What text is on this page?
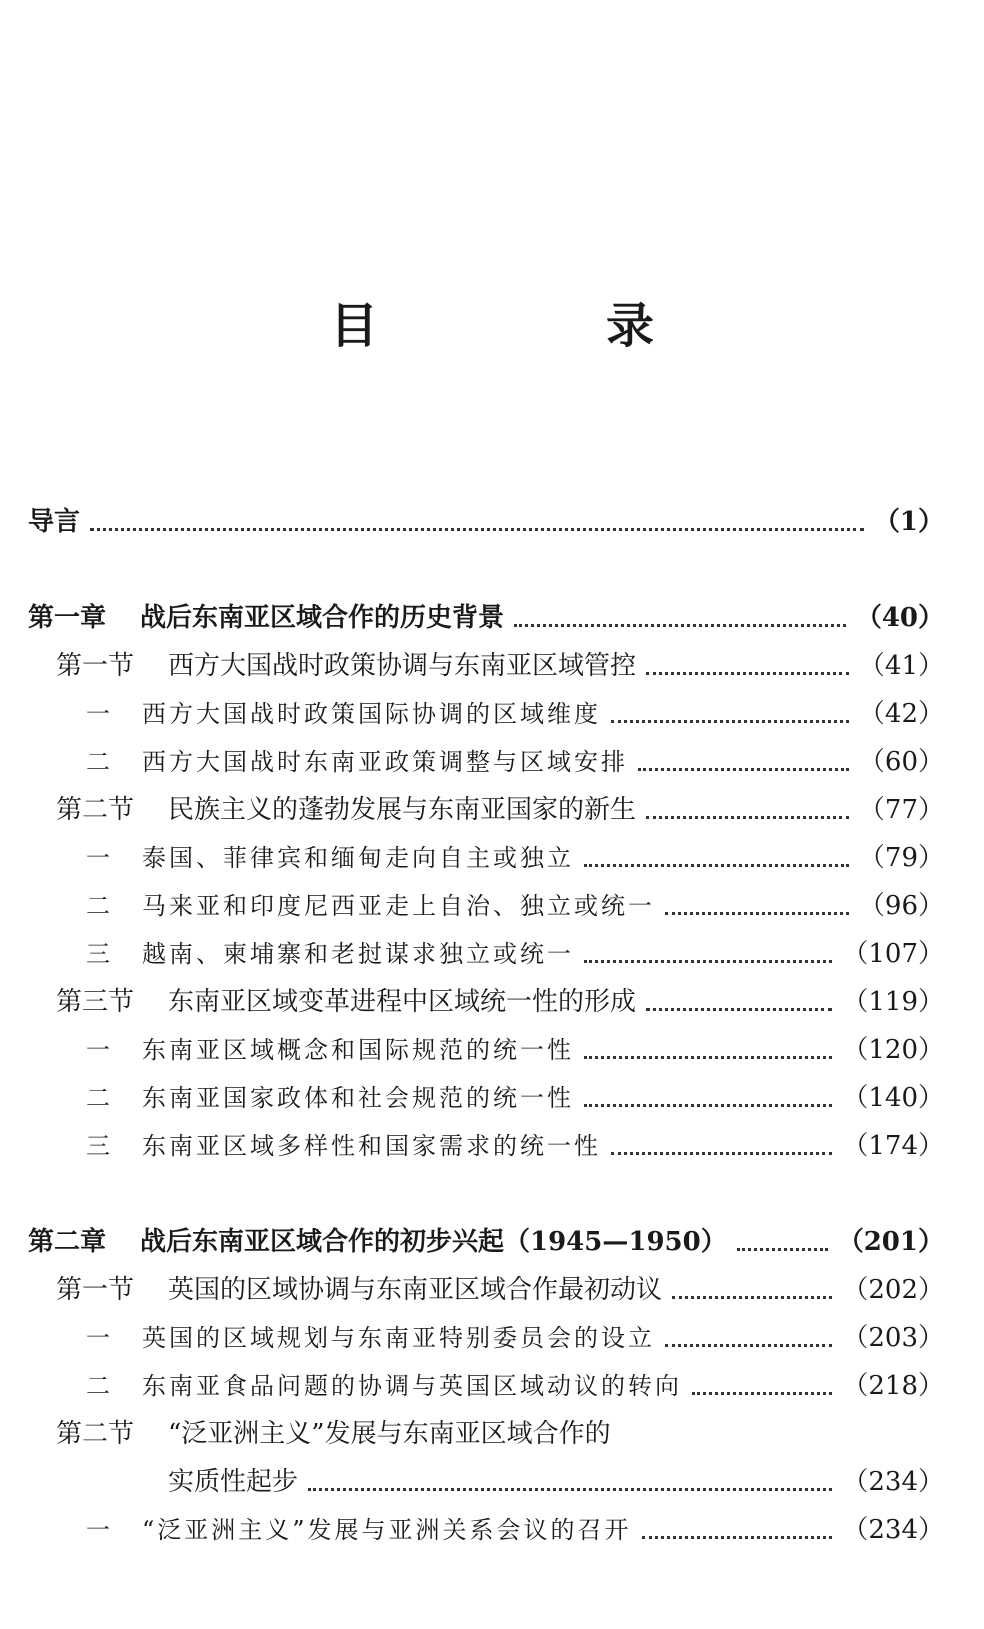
目　录
导言	（1）
第一章	战后东南亚区域合作的历史背景	（40）
第一节	西方大国战时政策协调与东南亚区域管控	（41）
一	西方大国战时政策国际协调的区域维度	（42）
二	西方大国战时东南亚政策调整与区域安排	（60）
第二节	民族主义的蓬勃发展与东南亚国家的新生	（77）
一	泰国、菲律宾和缅甸走向自主或独立	（79）
二	马来亚和印度尼西亚走上自治、独立或统一	（96）
三	越南、柬埔寨和老挝谋求独立或统一	（107）
第三节	东南亚区域变革进程中区域统一性的形成	（119）
一	东南亚区域概念和国际规范的统一性	（120）
二	东南亚国家政体和社会规范的统一性	（140）
三	东南亚区域多样性和国家需求的统一性	（174）
第二章	战后东南亚区域合作的初步兴起（1945—1950）	（201）
第一节	英国的区域协调与东南亚区域合作最初动议	（202）
一	英国的区域规划与东南亚特别委员会的设立	（203）
二	东南亚食品问题的协调与英国区域动议的转向	（218）
第二节	“泛亚洲主义”发展与东南亚区域合作的
实质性起步	（234）
一	“泛亚洲主义”发展与亚洲关系会议的召开	（234）
